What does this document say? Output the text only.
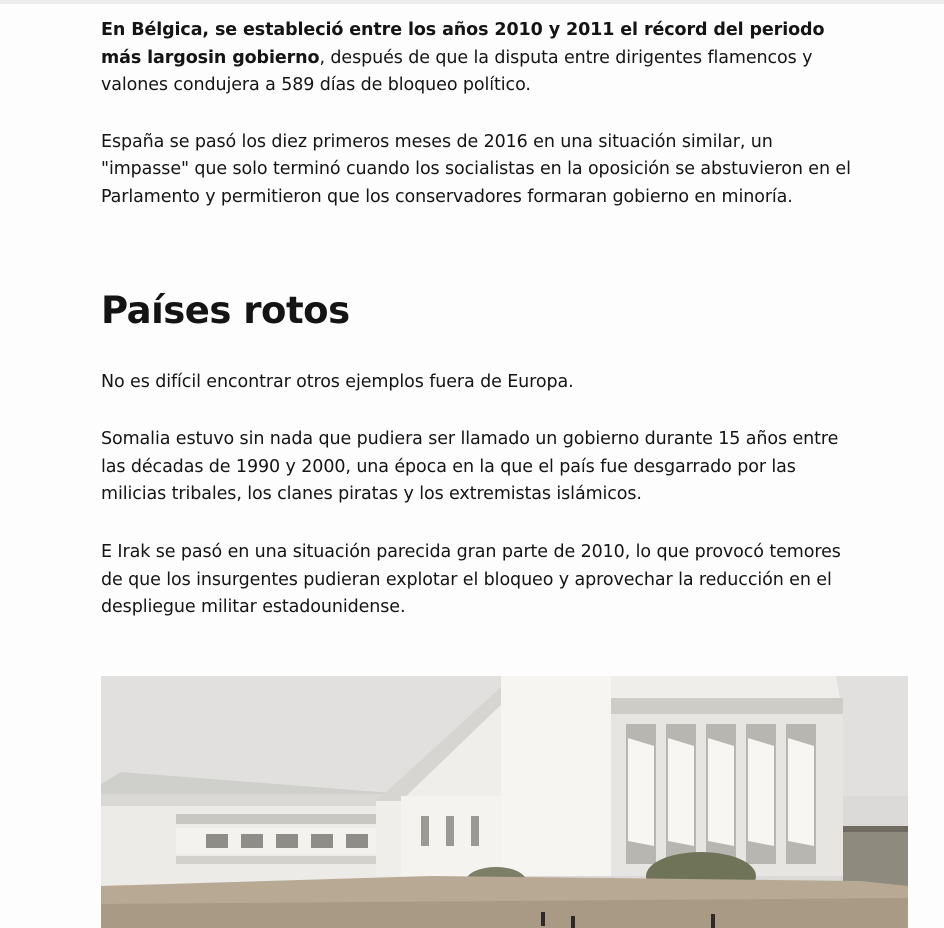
En Bélgica, se estableció entre los años 2010 y 2011 el récord del periodo más largosin gobierno, después de que la disputa entre dirigentes flamencos y valones condujera a 589 días de bloqueo político.

España se pasó los diez primeros meses de 2016 en una situación similar, un "impasse" que solo terminó cuando los socialistas en la oposición se abstuvieron en el Parlamento y permitieron que los conservadores formaran gobierno en minoría.

Países rotos

No es difícil encontrar otros ejemplos fuera de Europa.

Somalia estuvo sin nada que pudiera ser llamado un gobierno durante 15 años entre las décadas de 1990 y 2000, una época en la que el país fue desgarrado por las milicias tribales, los clanes piratas y los extremistas islámicos.

E Irak se pasó en una situación parecida gran parte de 2010, lo que provocó temores de que los insurgentes pudieran explotar el bloqueo y aprovechar la reducción en el despliegue militar estadounidense.
